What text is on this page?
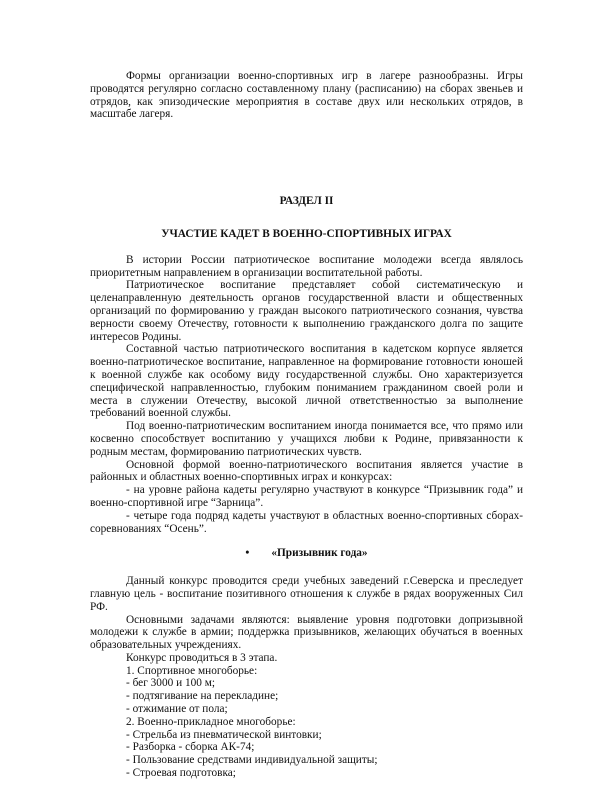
Формы организации военно-спортивных игр в лагере разнообразны. Игры проводятся регулярно согласно составленному плану (расписанию) на сборах звеньев и отрядов, как эпизодические мероприятия в составе двух или нескольких отрядов, в масштабе лагеря.

РАЗДЕЛ II

УЧАСТИЕ КАДЕТ В ВОЕННО-СПОРТИВНЫХ ИГРАХ

В истории России патриотическое воспитание молодежи всегда являлось приоритетным направлением в организации воспитательной работы.

Патриотическое воспитание представляет собой систематическую и целенаправленную деятельность органов государственной власти и общественных организаций по формированию у граждан высокого патриотического сознания, чувства верности своему Отечеству, готовности к выполнению гражданского долга по защите интересов Родины.

Составной частью патриотического воспитания в кадетском корпусе является военно-патриотическое воспитание, направленное на формирование готовности юношей к военной службе как особому виду государственной службы. Оно характеризуется специфической направленностью, глубоким пониманием гражданином своей роли и места в служении Отечеству, высокой личной ответственностью за выполнение требований военной службы.

Под военно-патриотическим воспитанием иногда понимается все, что прямо или косвенно способствует воспитанию у учащихся любви к Родине, привязанности к родным местам, формированию патриотических чувств.

Основной формой военно-патриотического воспитания является участие в районных и областных военно-спортивных играх и конкурсах:

- на уровне района кадеты регулярно участвуют в конкурсе “Призывник года” и военно-спортивной игре “Зарница”.

- четыре года подряд кадеты участвуют в областных военно-спортивных сборах-соревнованиях “Осень”.

• «Призывник года»

Данный конкурс проводится среди учебных заведений г.Северска и преследует главную цель - воспитание позитивного отношения к службе в рядах вооруженных Сил РФ.

Основными задачами являются: выявление уровня подготовки допризывной молодежи к службе в армии; поддержка призывников, желающих обучаться в военных образовательных учреждениях.

Конкурс проводиться в 3 этапа.

1. Спортивное многоборье:

- бег 3000 и 100 м;

- подтягивание на перекладине;

- отжимание от пола;

2. Военно-прикладное многоборье:

- Стрельба из пневматической винтовки;

- Разборка - сборка АК-74;

- Пользование средствами индивидуальной защиты;

- Строевая подготовка;
